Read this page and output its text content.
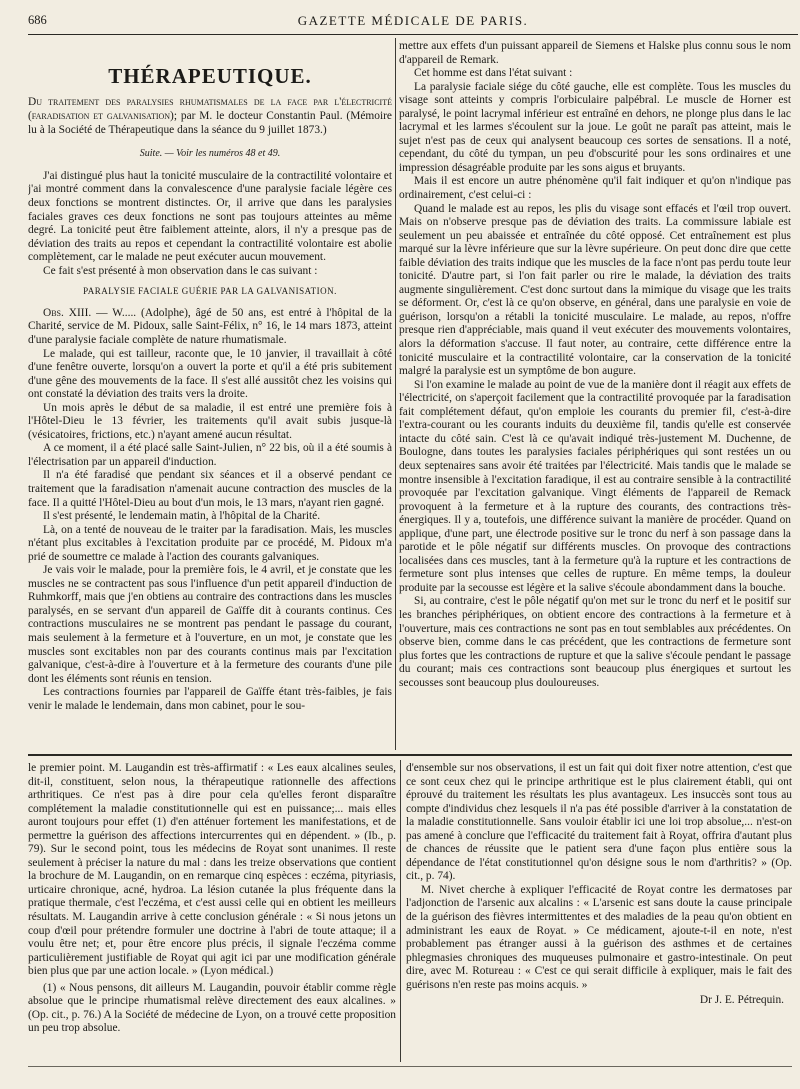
686	GAZETTE MÉDICALE DE PARIS.
THÉRAPEUTIQUE.

Du traitement des paralysies rhumatismales de la face par l'électricité (faradisation et galvanisation); par M. le docteur Constantin Paul. (Mémoire lu à la Société de Thérapeutique dans la séance du 9 juillet 1873.)

Suite. — Voir les numéros 48 et 49.

J'ai distingué plus haut la tonicité musculaire de la contractilité volontaire et j'ai montré comment dans la convalescence d'une paralysie faciale légère ces deux fonctions se montrent distinctes. Or, il arrive que dans les paralysies faciales graves ces deux fonctions ne sont pas toujours atteintes au même degré. La tonicité peut être faiblement atteinte, alors, il n'y a presque pas de déviation des traits au repos et cependant la contractilité volontaire est abolie complètement, car le malade ne peut exécuter aucun mouvement.

Ce fait s'est présenté à mon observation dans le cas suivant :

PARALYSIE FACIALE GUÉRIE PAR LA GALVANISATION.

Obs. XIII. — W..... (Adolphe), âgé de 50 ans, est entré à l'hôpital de la Charité, service de M. Pidoux, salle Saint-Félix, n° 16, le 14 mars 1873, atteint d'une paralysie faciale complète de nature rhumatismale.

Le malade, qui est tailleur, raconte que, le 10 janvier, il travaillait à côté d'une fenêtre ouverte, lorsqu'on a ouvert la porte et qu'il a été pris subitement d'une gêne des mouvements de la face. Il s'est allé aussitôt chez les voisins qui ont constaté la déviation des traits vers la droite.

Un mois après le début de sa maladie, il est entré une première fois à l'Hôtel-Dieu le 13 février, les traitements qu'il avait subis jusque-là (vésicatoires, frictions, etc.) n'ayant amené aucun résultat.

A ce moment, il a été placé salle Saint-Julien, n° 22 bis, où il a été soumis à l'électrisation par un appareil d'induction.

Il n'a été faradisé que pendant six séances et il a observé pendant ce traitement que la faradisation n'amenait aucune contraction des muscles de la face. Il a quitté l'Hôtel-Dieu au bout d'un mois, le 13 mars, n'ayant rien gagné.

Il s'est présenté, le lendemain matin, à l'hôpital de la Charité.

Là, on a tenté de nouveau de le traiter par la faradisation. Mais, les muscles n'étant plus excitables à l'excitation produite par ce procédé, M. Pidoux m'a prié de soumettre ce malade à l'action des courants galvaniques.

Je vais voir le malade, pour la première fois, le 4 avril, et je constate que les muscles ne se contractent pas sous l'influence d'un petit appareil d'induction de Ruhmkorff, mais que j'en obtiens au contraire des contractions dans les muscles paralysés, en se servant d'un appareil de Gaïffe dit à courants continus. Ces contractions musculaires ne se montrent pas pendant le passage du courant, mais seulement à la fermeture et à l'ouverture, en un mot, je constate que les muscles sont excitables non par des courants continus mais par l'excitation galvanique, c'est-à-dire à l'ouverture et à la fermeture des courants d'une pile dont les éléments sont réunis en tension.

Les contractions fournies par l'appareil de Gaïffe étant très-faibles, je fais venir le malade le lendemain, dans mon cabinet, pour le sou-

mettre aux effets d'un puissant appareil de Siemens et Halske plus connu sous le nom d'appareil de Remark.

Cet homme est dans l'état suivant :

La paralysie faciale siége du côté gauche, elle est complète. Tous les muscles du visage sont atteints y compris l'orbiculaire palpébral. Le muscle de Horner est paralysé, le point lacrymal inférieur est entraîné en dehors, ne plonge plus dans le lac lacrymal et les larmes s'écoulent sur la joue. Le goût ne paraît pas atteint, mais le sujet n'est pas de ceux qui analysent beaucoup ces sortes de sensations. Il a noté, cependant, du côté du tympan, un peu d'obscurité pour les sons ordinaires et une impression désagréable produite par les sons aigus et bruyants.

Mais il est encore un autre phénomène qu'il fait indiquer et qu'on n'indique pas ordinairement, c'est celui-ci :

Quand le malade est au repos, les plis du visage sont effacés et l'œil trop ouvert. Mais on n'observe presque pas de déviation des traits. La commissure labiale est seulement un peu abaissée et entraînée du côté opposé. Cet entraînement est plus marqué sur la lèvre inférieure que sur la lèvre supérieure. On peut donc dire que cette faible déviation des traits indique que les muscles de la face n'ont pas perdu toute leur tonicité. D'autre part, si l'on fait parler ou rire le malade, la déviation des traits augmente singulièrement. C'est donc surtout dans la mimique du visage que les traits se déforment. Or, c'est là ce qu'on observe, en général, dans une paralysie en voie de guérison, lorsqu'on a rétabli la tonicité musculaire. Le malade, au repos, n'offre presque rien d'appréciable, mais quand il veut exécuter des mouvements volontaires, alors la déformation s'accuse. Il faut noter, au contraire, cette différence entre la tonicité musculaire et la contractilité volontaire, car la conservation de la tonicité malgré la paralysie est un symptôme de bon augure.

Si l'on examine le malade au point de vue de la manière dont il réagit aux effets de l'électricité, on s'aperçoit facilement que la contractilité provoquée par la faradisation fait complétement défaut, qu'on emploie les courants du premier fil, c'est-à-dire l'extra-courant ou les courants induits du deuxième fil, tandis qu'elle est conservée intacte du côté sain. C'est là ce qu'avait indiqué très-justement M. Duchenne, de Boulogne, dans toutes les paralysies faciales périphériques qui sont restées un ou deux septenaires sans avoir été traitées par l'électricité. Mais tandis que le malade se montre insensible à l'excitation faradique, il est au contraire sensible à la contractilité provoquée par l'excitation galvanique. Vingt éléments de l'appareil de Remack provoquent à la fermeture et à la rupture des courants, des contractions très-énergiques. Il y a, toutefois, une différence suivant la manière de procéder. Quand on applique, d'une part, une électrode positive sur le tronc du nerf à son passage dans la parotide et le pôle négatif sur différents muscles. On provoque des contractions localisées dans ces muscles, tant à la fermeture qu'à la rupture et les contractions de fermeture sont plus intenses que celles de rupture. En même temps, la douleur produite par la secousse est légère et la salive s'écoule abondamment dans la bouche.

Si, au contraire, c'est le pôle négatif qu'on met sur le tronc du nerf et le positif sur les branches périphériques, on obtient encore des contractions à la fermeture et à l'ouverture, mais ces contractions ne sont pas en tout semblables aux précédentes. On observe bien, comme dans le cas précédent, que les contractions de fermeture sont plus fortes que les contractions de rupture et que la salive s'écoule pendant le passage du courant; mais ces contractions sont beaucoup plus énergiques et surtout les secousses sont beaucoup plus douloureuses.

le premier point. M. Laugandin est très-affirmatif : « Les eaux alcalines seules, dit-il, constituent, selon nous, la thérapeutique rationnelle des affections arthritiques. Ce n'est pas à dire pour cela qu'elles feront disparaître complétement la maladie constitutionnelle qui est en puissance;... mais elles auront toujours pour effet (1) d'en atténuer fortement les manifestations, et de permettre la guérison des affections intercurrentes qui en dépendent. » (Ib., p. 79). Sur le second point, tous les médecins de Royat sont unanimes. Il reste seulement à préciser la nature du mal : dans les treize observations que contient la brochure de M. Laugandin, on en remarque cinq espèces : eczéma, pityriasis, urticaire chronique, acné, hydroa. La lésion cutanée la plus fréquente dans la pratique thermale, c'est l'eczéma, et c'est aussi celle qui en obtient les meilleurs résultats. M. Laugandin arrive à cette conclusion générale : « Si nous jetons un coup d'œil pour prétendre formuler une doctrine à l'abri de toute attaque; il a voulu être net; et, pour être encore plus précis, il signale l'eczéma comme particulièrement justifiable de Royat qui agit ici par une modification générale bien plus que par une action locale. » (Lyon médical.)

(1) « Nous pensons, dit ailleurs M. Laugandin, pouvoir établir comme règle absolue que le principe rhumatismal relève directement des eaux alcalines. » (Op. cit., p. 76.) A la Société de médecine de Lyon, on a trouvé cette proposition un peu trop absolue.

d'ensemble sur nos observations, il est un fait qui doit fixer notre attention, c'est que ce sont ceux chez qui le principe arthritique est le plus clairement établi, qui ont éprouvé du traitement les résultats les plus avantageux. Les insuccès sont tous au compte d'individus chez lesquels il n'a pas été possible d'arriver à la constatation de la maladie constitutionnelle. Sans vouloir établir ici une loi trop absolue,... n'est-on pas amené à conclure que l'efficacité du traitement fait à Royat, offrira d'autant plus de chances de réussite que le patient sera d'une façon plus entière sous la dépendance de l'état constitutionnel qu'on désigne sous le nom d'arthritis? » (Op. cit., p. 74).

M. Nivet cherche à expliquer l'efficacité de Royat contre les dermatoses par l'adjonction de l'arsenic aux alcalins : « L'arsenic est sans doute la cause principale de la guérison des fièvres intermittentes et des maladies de la peau qu'on obtient en administrant les eaux de Royat. » Ce médicament, ajoute-t-il en note, n'est probablement pas étranger aussi à la guérison des asthmes et de certaines phlegmasies chroniques des muqueuses pulmonaire et gastro-intestinale. On peut dire, avec M. Rotureau : « C'est ce qui serait difficile à expliquer, mais le fait des guérisons n'en reste pas moins acquis. »

Dr J. E. Pétrequin.
